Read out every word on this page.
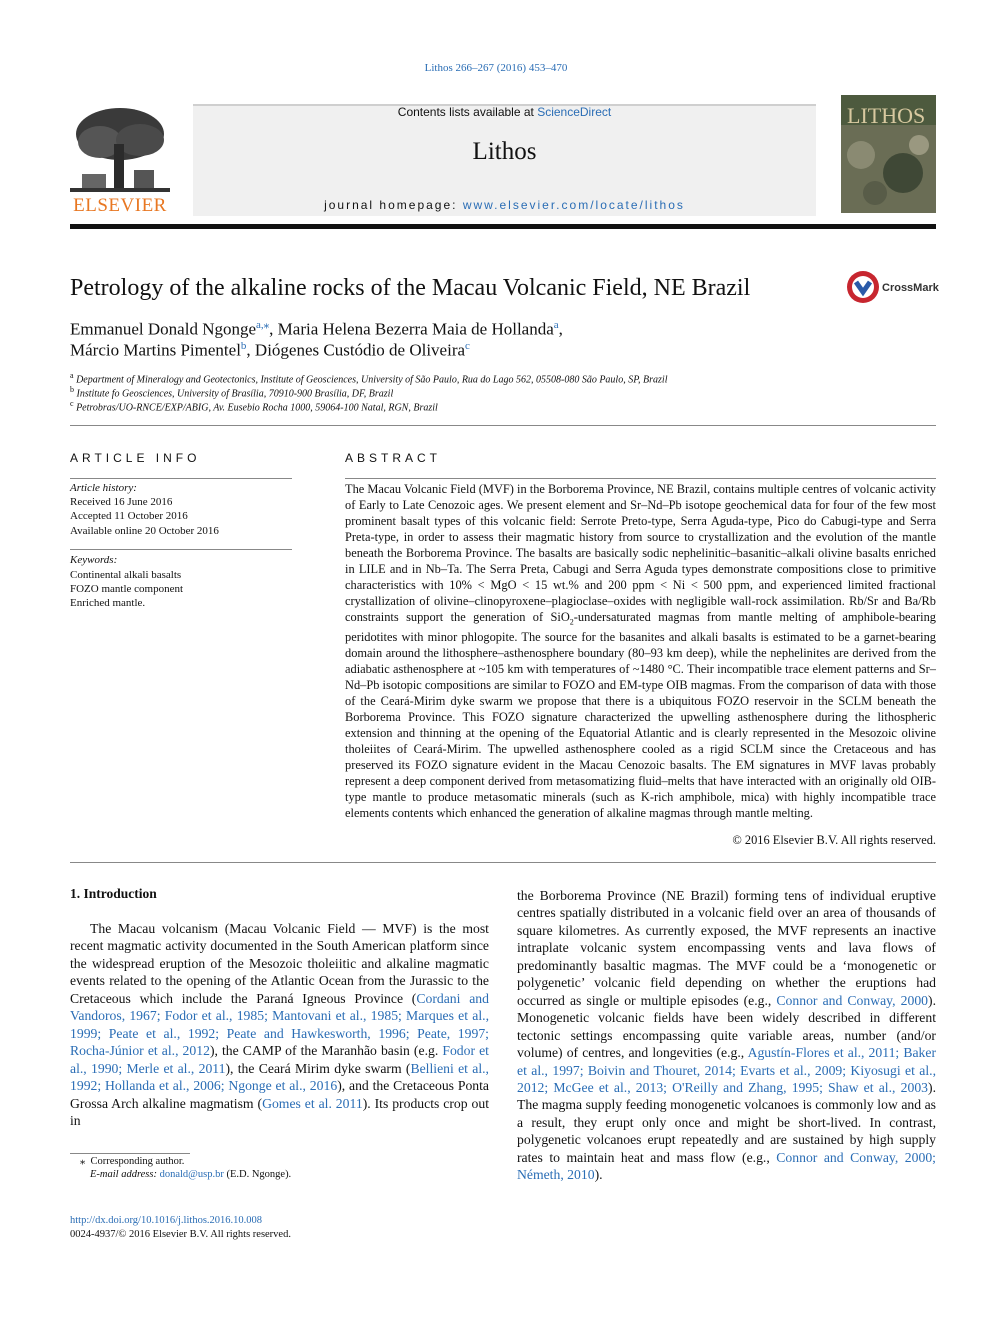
Lithos 266–267 (2016) 453–470
ELSEVIER
Contents lists available at ScienceDirect
Lithos
journal homepage: www.elsevier.com/locate/lithos
LITHOS
Petrology of the alkaline rocks of the Macau Volcanic Field, NE Brazil	CrossMark
Emmanuel Donald Ngonge$^{a,⁎}$, Maria Helena Bezerra Maia de Hollanda$^a$,
Márcio Martins Pimentel$^b$, Diógenes Custódio de Oliveira$^c$
$^a$ Department of Mineralogy and Geotectonics, Institute of Geosciences, University of São Paulo, Rua do Lago 562, 05508-080 São Paulo, SP, Brazil
$^b$ Institute fo Geosciences, University of Brasília, 70910-900 Brasília, DF, Brazil
$^c$ Petrobras/UO-RNCE/EXP/ABIG, Av. Eusebio Rocha 1000, 59064-100 Natal, RGN, Brazil
ARTICLE INFO
Article history:
Received 16 June 2016
Accepted 11 October 2016
Available online 20 October 2016
Keywords:
Continental alkali basalts
FOZO mantle component
Enriched mantle.
ABSTRACT
The Macau Volcanic Field (MVF) in the Borborema Province, NE Brazil, contains multiple centres of volcanic activity of Early to Late Cenozoic ages. We present element and Sr–Nd–Pb isotope geochemical data for four of the few most prominent basalt types of this volcanic field: Serrote Preto-type, Serra Aguda-type, Pico do Cabugi-type and Serra Preta-type, in order to assess their magmatic history from source to crystallization and the evolution of the mantle beneath the Borborema Province. The basalts are basically sodic nephelinitic–basanitic–alkali olivine basalts enriched in LILE and in Nb–Ta. The Serra Preta, Cabugi and Serra Aguda types demonstrate compositions close to primitive characteristics with 10% < MgO < 15 wt.% and 200 ppm < Ni < 500 ppm, and experienced limited fractional crystallization of olivine–clinopyroxene–plagioclase–oxides with negligible wall-rock assimilation. Rb/Sr and Ba/Rb constraints support the generation of SiO$_2$-undersaturated magmas from mantle melting of amphibole-bearing peridotites with minor phlogopite. The source for the basanites and alkali basalts is estimated to be a garnet-bearing domain around the lithosphere–asthenosphere boundary (80–93 km deep), while the nephelinites are derived from the adiabatic asthenosphere at ~105 km with temperatures of ~1480 °C. Their incompatible trace element patterns and Sr–Nd–Pb isotopic compositions are similar to FOZO and EM-type OIB magmas. From the comparison of data with those of the Ceará-Mirim dyke swarm we propose that there is a ubiquitous FOZO reservoir in the SCLM beneath the Borborema Province. This FOZO signature characterized the upwelling asthenosphere during the lithospheric extension and thinning at the opening of the Equatorial Atlantic and is clearly represented in the Mesozoic olivine tholeiites of Ceará-Mirim. The upwelled asthenosphere cooled as a rigid SCLM since the Cretaceous and has preserved its FOZO signature evident in the Macau Cenozoic basalts. The EM signatures in MVF lavas probably represent a deep component derived from metasomatizing fluid–melts that have interacted with an originally old OIB-type mantle to produce metasomatic minerals (such as K-rich amphibole, mica) with highly incompatible trace elements contents which enhanced the generation of alkaline magmas through mantle melting.
© 2016 Elsevier B.V. All rights reserved.
1. Introduction
The Macau volcanism (Macau Volcanic Field — MVF) is the most recent magmatic activity documented in the South American platform since the widespread eruption of the Mesozoic tholeiitic and alkaline magmatic events related to the opening of the Atlantic Ocean from the Jurassic to the Cretaceous which include the Paraná Igneous Province (Cordani and Vandoros, 1967; Fodor et al., 1985; Mantovani et al., 1985; Marques et al., 1999; Peate et al., 1992; Peate and Hawkesworth, 1996; Peate, 1997; Rocha-Júnior et al., 2012), the CAMP of the Maranhão basin (e.g. Fodor et al., 1990; Merle et al., 2011), the Ceará Mirim dyke swarm (Bellieni et al., 1992; Hollanda et al., 2006; Ngonge et al., 2016), and the Cretaceous Ponta Grossa Arch alkaline magmatism (Gomes et al. 2011). Its products crop out in
the Borborema Province (NE Brazil) forming tens of individual eruptive centres spatially distributed in a volcanic field over an area of thousands of square kilometres. As currently exposed, the MVF represents an inactive intraplate volcanic system encompassing vents and lava flows of predominantly basaltic magmas. The MVF could be a ‘monogenetic or polygenetic’ volcanic field depending on whether the eruptions had occurred as single or multiple episodes (e.g., Connor and Conway, 2000). Monogenetic volcanic fields have been widely described in different tectonic settings encompassing quite variable areas, number (and/or volume) of centres, and longevities (e.g., Agustín-Flores et al., 2011; Baker et al., 1997; Boivin and Thouret, 2014; Evarts et al., 2009; Kiyosugi et al., 2012; McGee et al., 2013; O'Reilly and Zhang, 1995; Shaw et al., 2003). The magma supply feeding monogenetic volcanoes is commonly low and as a result, they erupt only once and might be short-lived. In contrast, polygenetic volcanoes erupt repeatedly and are sustained by high supply rates to maintain heat and mass flow (e.g., Connor and Conway, 2000; Németh, 2010).
⁎ Corresponding author.
E-mail address: donald@usp.br (E.D. Ngonge).
http://dx.doi.org/10.1016/j.lithos.2016.10.008
0024-4937/© 2016 Elsevier B.V. All rights reserved.
